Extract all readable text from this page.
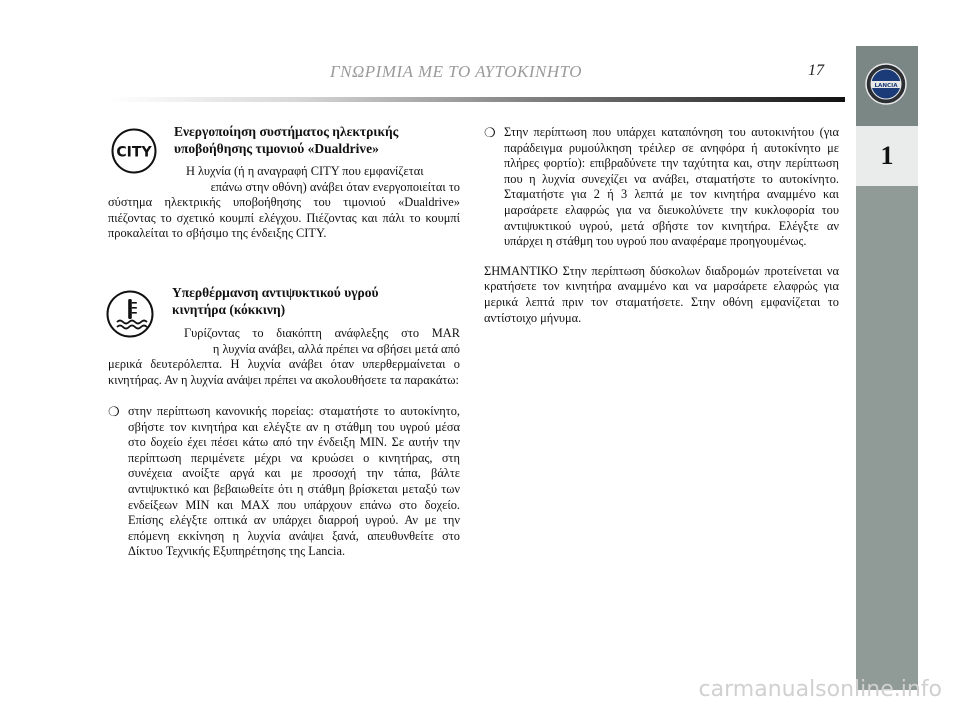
ΓΝΩΡΙΜΙΑ ΜΕ ΤΟ ΑΥΤΟΚΙΝΗΤΟ	17
LANCIA
1
CITY
Ενεργοποίηση συστήματος ηλεκτρικής
υποβοήθησης τιμονιού «Dualdrive»

Η λυχνία (ή η αναγραφή CITY που εμφανίζεται

επάνω στην οθόνη) ανάβει όταν ενεργοποιείται το

σύστημα ηλεκτρικής υποβοήθησης του τιμονιού «Dualdrive» πιέζοντας το σχετικό κουμπί ελέγχου. Πιέζοντας και πάλι το κουμπί προκαλείται το σβήσιμο της ένδειξης CITY.

Υπερθέρμανση αντιψυκτικού υγρού
κινητήρα (κόκκινη)

Γυρίζοντας το διακόπτη ανάφλεξης στο MAR

η λυχνία ανάβει, αλλά πρέπει να σβήσει μετά από

μερικά δευτερόλεπτα. Η λυχνία ανάβει όταν υπερθερμαίνεται ο κινητήρας. Αν η λυχνία ανάψει πρέπει να ακολουθήσετε τα παρακάτω:

❍ στην περίπτωση κανονικής πορείας: σταματήστε το αυτοκίνητο, σβήστε τον κινητήρα και ελέγξτε αν η στάθμη του υγρού μέσα στο δοχείο έχει πέσει κάτω από την ένδειξη MIN. Σε αυτήν την περίπτωση περιμένετε μέχρι να κρυώσει ο κινητήρας, στη συνέχεια ανοίξτε αργά και με προσοχή την τάπα, βάλτε αντιψυκτικό και βεβαιωθείτε ότι η στάθμη βρίσκεται μεταξύ των ενδείξεων MIN και MAX που υπάρχουν επάνω στο δοχείο. Επίσης ελέγξτε οπτικά αν υπάρχει διαρροή υγρού. Αν με την επόμενη εκκίνηση η λυχνία ανάψει ξανά, απευθυνθείτε στο Δίκτυο Τεχνικής Εξυπηρέτησης της Lancia.
❍ Στην περίπτωση που υπάρχει καταπόνηση του αυτοκινήτου (για παράδειγμα ρυμούλκηση τρέιλερ σε ανηφόρα ή αυτοκίνητο με πλήρες φορτίο): επιβραδύνετε την ταχύτητα και, στην περίπτωση που η λυχνία συνεχίζει να ανάβει, σταματήστε το αυτοκίνητο. Σταματήστε για 2 ή 3 λεπτά με τον κινητήρα αναμμένο και μαρσάρετε ελαφρώς για να διευκολύνετε την κυκλοφορία του αντιψυκτικού υγρού, μετά σβήστε τον κινητήρα. Ελέγξτε αν υπάρχει η στάθμη του υγρού που αναφέραμε προηγουμένως.

ΣΗΜΑΝΤΙΚΟ Στην περίπτωση δύσκολων διαδρομών προτείνεται να κρατήσετε τον κινητήρα αναμμένο και να μαρσάρετε ελαφρώς για μερικά λεπτά πριν τον σταματήσετε. Στην οθόνη εμφανίζεται το αντίστοιχο μήνυμα.

carmanualsonline.info
